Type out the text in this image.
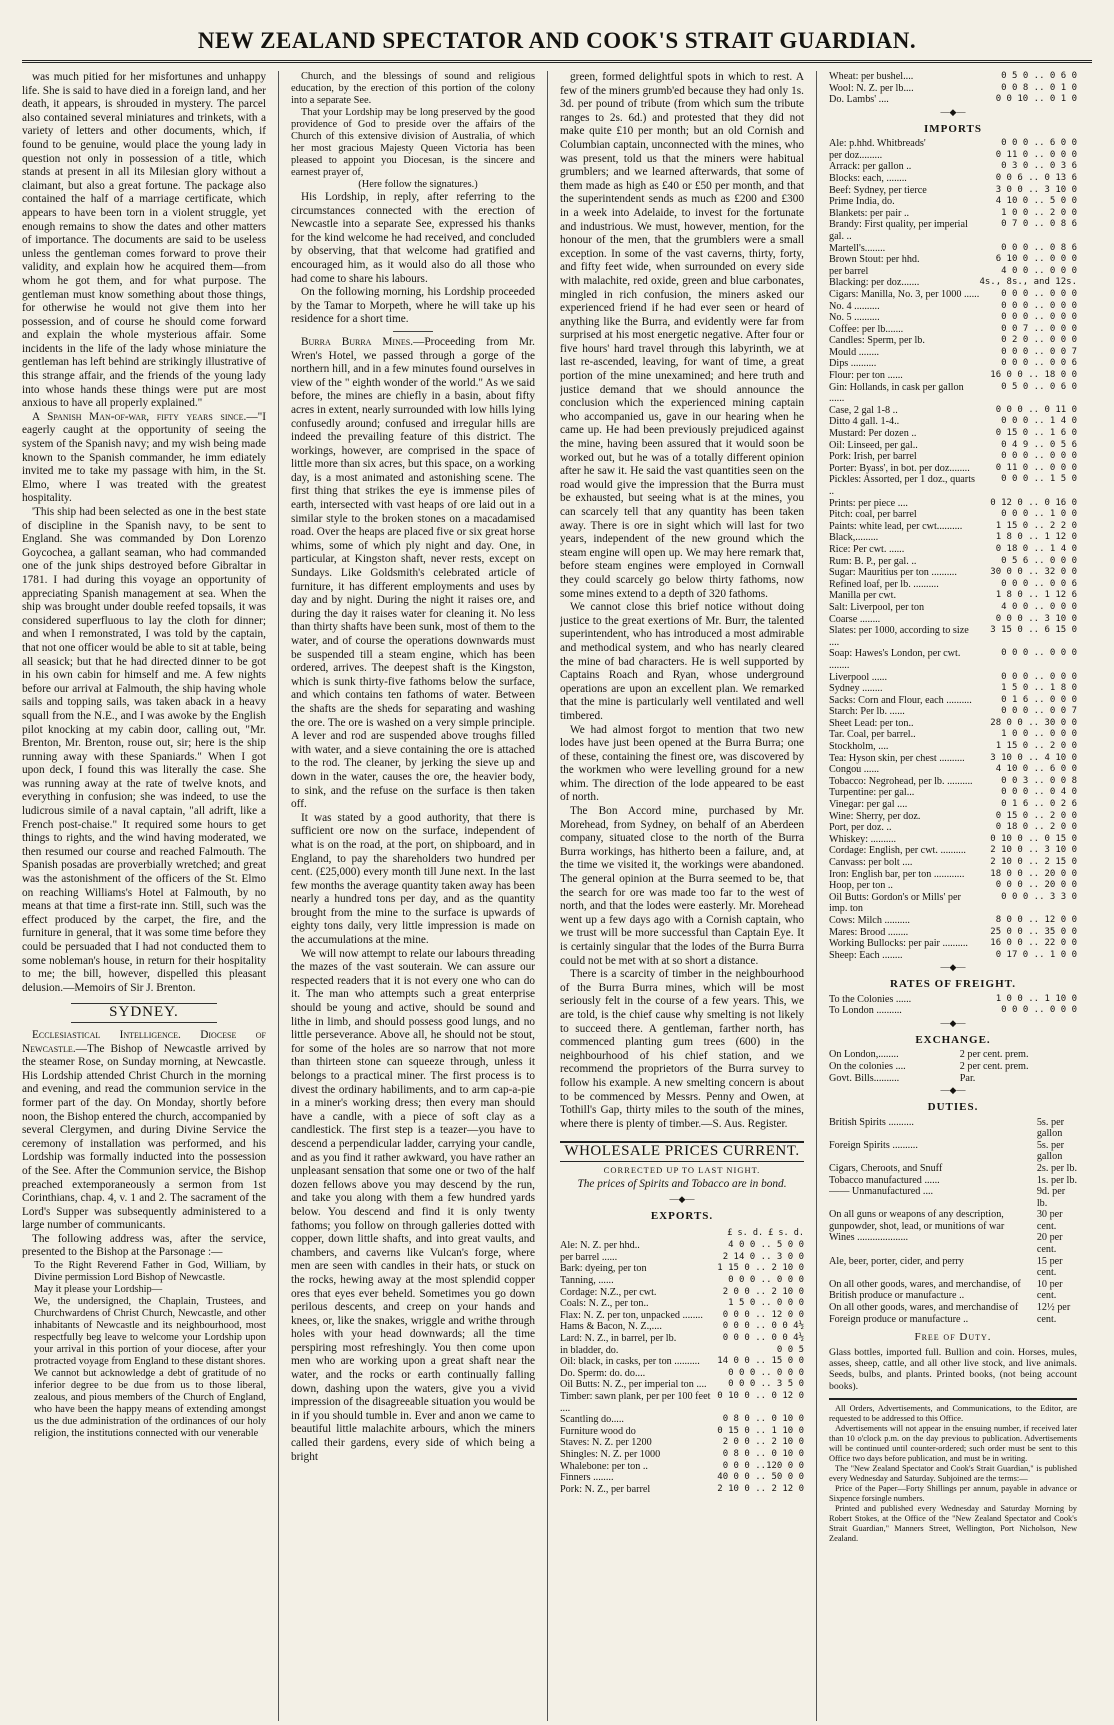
NEW ZEALAND SPECTATOR AND COOK'S STRAIT GUARDIAN.

was much pitied for her misfortunes and unhappy life. She is said to have died in a foreign land, and her death, it appears, is shrouded in mystery. The parcel also contained several miniatures and trinkets, with a variety of letters and other documents, which, if found to be genuine, would place the young lady in question not only in possession of a title, which stands at present in all its Milesian glory without a claimant, but also a great fortune. The package also contained the half of a marriage certificate, which appears to have been torn in a violent struggle, yet enough remains to show the dates and other matters of importance. The documents are said to be useless unless the gentleman comes forward to prove their validity, and explain how he acquired them—from whom he got them, and for what purpose. The gentleman must know something about those things, for otherwise he would not give them into her possession, and of course he should come forward and explain the whole mysterious affair. Some incidents in the life of the lady whose miniature the gentleman has left behind are strikingly illustrative of this strange affair, and the friends of the young lady into whose hands these things were put are most anxious to have all properly explained."

A Spanish Man-of-war, fifty years since.—"I eagerly caught at the opportunity of seeing the system of the Spanish navy; and my wish being made known to the Spanish commander, he imm ediately invited me to take my passage with him, in the St. Elmo, where I was treated with the greatest hospitality.

'This ship had been selected as one in the best state of discipline in the Spanish navy, to be sent to England. She was commanded by Don Lorenzo Goycochea, a gallant seaman, who had commanded one of the junk ships destroyed before Gibraltar in 1781. I had during this voyage an opportunity of appreciating Spanish management at sea. When the ship was brought under double reefed topsails, it was considered superfluous to lay the cloth for dinner; and when I remonstrated, I was told by the captain, that not one officer would be able to sit at table, being all seasick; but that he had directed dinner to be got in his own cabin for himself and me. A few nights before our arrival at Falmouth, the ship having whole sails and topping sails, was taken aback in a heavy squall from the N.E., and I was awoke by the English pilot knocking at my cabin door, calling out, "Mr. Brenton, Mr. Brenton, rouse out, sir; here is the ship running away with these Spaniards." When I got upon deck, I found this was literally the case. She was running away at the rate of twelve knots, and everything in confusion; she was indeed, to use the ludicrous simile of a naval captain, "all adrift, like a French post-chaise." It required some hours to get things to rights, and the wind having moderated, we then resumed our course and reached Falmouth. The Spanish posadas are proverbially wretched; and great was the astonishment of the officers of the St. Elmo on reaching Williams's Hotel at Falmouth, by no means at that time a first-rate inn. Still, such was the effect produced by the carpet, the fire, and the furniture in general, that it was some time before they could be persuaded that I had not conducted them to some nobleman's house, in return for their hospitality to me; the bill, however, dispelled this pleasant delusion.—Memoirs of Sir J. Brenton.

SYDNEY.

Ecclesiastical Intelligence. Diocese of Newcastle.—The Bishop of Newcastle arrived by the steamer Rose, on Sunday morning, at Newcastle. His Lordship attended Christ Church in the morning and evening, and read the communion service in the former part of the day. On Monday, shortly before noon, the Bishop entered the church, accompanied by several Clergymen, and during Divine Service the ceremony of installation was performed, and his Lordship was formally inducted into the possession of the See. After the Communion service, the Bishop preached extemporaneously a sermon from 1st Corinthians, chap. 4, v. 1 and 2. The sacrament of the Lord's Supper was subsequently administered to a large number of communicants.

The following address was, after the service, presented to the Bishop at the Parsonage :—

To the Right Reverend Father in God, William, by Divine permission Lord Bishop of Newcastle.

May it please your Lordship—

We, the undersigned, the Chaplain, Trustees, and Churchwardens of Christ Church, Newcastle, and other inhabitants of Newcastle and its neighbourhood, most respectfully beg leave to welcome your Lordship upon your arrival in this portion of your diocese, after your protracted voyage from England to these distant shores.

We cannot but acknowledge a debt of gratitude of no inferior degree to be due from us to those liberal, zealous, and pious members of the Church of England, who have been the happy means of extending amongst us the due administration of the ordinances of our holy religion, the institutions connected with our venerable

Church, and the blessings of sound and religious education, by the erection of this portion of the colony into a separate See.

That your Lordship may be long preserved by the good providence of God to preside over the affairs of the Church of this extensive division of Australia, of which her most gracious Majesty Queen Victoria has been pleased to appoint you Diocesan, is the sincere and earnest prayer of,

(Here follow the signatures.)

His Lordship, in reply, after referring to the circumstances connected with the erection of Newcastle into a separate See, expressed his thanks for the kind welcome he had received, and concluded by observing, that that welcome had gratified and encouraged him, as it would also do all those who had come to share his labours.

On the following morning, his Lordship proceeded by the Tamar to Morpeth, where he will take up his residence for a short time.

Burra Burra Mines.—Proceeding from Mr. Wren's Hotel, we passed through a gorge of the northern hill, and in a few minutes found ourselves in view of the " eighth wonder of the world." As we said before, the mines are chiefly in a basin, about fifty acres in extent, nearly surrounded with low hills lying confusedly around; confused and irregular hills are indeed the prevailing feature of this district. The workings, however, are comprised in the space of little more than six acres, but this space, on a working day, is a most animated and astonishing scene. The first thing that strikes the eye is immense piles of earth, intersected with vast heaps of ore laid out in a similar style to the broken stones on a macadamised road. Over the heaps are placed five or six great horse whims, some of which ply night and day. One, in particular, at Kingston shaft, never rests, except on Sundays. Like Goldsmith's celebrated article of furniture, it has different employments and uses by day and by night. During the night it raises ore, and during the day it raises water for cleaning it. No less than thirty shafts have been sunk, most of them to the water, and of course the operations downwards must be suspended till a steam engine, which has been ordered, arrives. The deepest shaft is the Kingston, which is sunk thirty-five fathoms below the surface, and which contains ten fathoms of water. Between the shafts are the sheds for separating and washing the ore. The ore is washed on a very simple principle. A lever and rod are suspended above troughs filled with water, and a sieve containing the ore is attached to the rod. The cleaner, by jerking the sieve up and down in the water, causes the ore, the heavier body, to sink, and the refuse on the surface is then taken off.

It was stated by a good authority, that there is sufficient ore now on the surface, independent of what is on the road, at the port, on shipboard, and in England, to pay the shareholders two hundred per cent. (£25,000) every month till June next. In the last few months the average quantity taken away has been nearly a hundred tons per day, and as the quantity brought from the mine to the surface is upwards of eighty tons daily, very little impression is made on the accumulations at the mine.

We will now attempt to relate our labours threading the mazes of the vast souterain. We can assure our respected readers that it is not every one who can do it. The man who attempts such a great enterprise should be young and active, should be sound and lithe in limb, and should possess good lungs, and no little perseverance. Above all, he should not be stout, for some of the holes are so narrow that not more than thirteen stone can squeeze through, unless it belongs to a practical miner. The first process is to divest the ordinary habiliments, and to arm cap-a-pie in a miner's working dress; then every man should have a candle, with a piece of soft clay as a candlestick. The first step is a teazer—you have to descend a perpendicular ladder, carrying your candle, and as you find it rather awkward, you have rather an unpleasant sensation that some one or two of the half dozen fellows above you may descend by the run, and take you along with them a few hundred yards below. You descend and find it is only twenty fathoms; you follow on through galleries dotted with copper, down little shafts, and into great vaults, and chambers, and caverns like Vulcan's forge, where men are seen with candles in their hats, or stuck on the rocks, hewing away at the most splendid copper ores that eyes ever beheld. Sometimes you go down perilous descents, and creep on your hands and knees, or, like the snakes, wriggle and writhe through holes with your head downwards; all the time perspiring most refreshingly. You then come upon men who are working upon a great shaft near the water, and the rocks or earth continually falling down, dashing upon the waters, give you a vivid impression of the disagreeable situation you would be in if you should tumble in. Ever and anon we came to beautiful little malachite arbours, which the miners called their gardens, every side of which being a bright

green, formed delightful spots in which to rest. A few of the miners grumb'ed because they had only 1s. 3d. per pound of tribute (from which sum the tribute ranges to 2s. 6d.) and protested that they did not make quite £10 per month; but an old Cornish and Columbian captain, unconnected with the mines, who was present, told us that the miners were habitual grumblers; and we learned afterwards, that some of them made as high as £40 or £50 per month, and that the superintendent sends as much as £200 and £300 in a week into Adelaide, to invest for the fortunate and industrious. We must, however, mention, for the honour of the men, that the grumblers were a small exception. In some of the vast caverns, thirty, forty, and fifty feet wide, when surrounded on every side with malachite, red oxide, green and blue carbonates, mingled in rich confusion, the miners asked our experienced friend if he had ever seen or heard of anything like the Burra, and evidently were far from surprised at his most energetic negative. After four or five hours' hard travel through this labyrinth, we at last re-ascended, leaving, for want of time, a great portion of the mine unexamined; and here truth and justice demand that we should announce the conclusion which the experienced mining captain who accompanied us, gave in our hearing when he came up. He had been previously prejudiced against the mine, having been assured that it would soon be worked out, but he was of a totally different opinion after he saw it. He said the vast quantities seen on the road would give the impression that the Burra must be exhausted, but seeing what is at the mines, you can scarcely tell that any quantity has been taken away. There is ore in sight which will last for two years, independent of the new ground which the steam engine will open up. We may here remark that, before steam engines were employed in Cornwall they could scarcely go below thirty fathoms, now some mines extend to a depth of 320 fathoms.

We cannot close this brief notice without doing justice to the great exertions of Mr. Burr, the talented superintendent, who has introduced a most admirable and methodical system, and who has nearly cleared the mine of bad characters. He is well supported by Captains Roach and Ryan, whose underground operations are upon an excellent plan. We remarked that the mine is particularly well ventilated and well timbered.

We had almost forgot to mention that two new lodes have just been opened at the Burra Burra; one of these, containing the finest ore, was discovered by the workmen who were levelling ground for a new whim. The direction of the lode appeared to be east of north.

The Bon Accord mine, purchased by Mr. Morehead, from Sydney, on behalf of an Aberdeen company, situated close to the north of the Burra Burra workings, has hitherto been a failure, and, at the time we visited it, the workings were abandoned. The general opinion at the Burra seemed to be, that the search for ore was made too far to the west of north, and that the lodes were easterly. Mr. Morehead went up a few days ago with a Cornish captain, who we trust will be more successful than Captain Eye. It is certainly singular that the lodes of the Burra Burra could not be met with at so short a distance.

There is a scarcity of timber in the neighbourhood of the Burra Burra mines, which will be most seriously felt in the course of a few years. This, we are told, is the chief cause why smelting is not likely to succeed there. A gentleman, farther north, has commenced planting gum trees (600) in the neighbourhood of his chief station, and we recommend the proprietors of the Burra survey to follow his example. A new smelting concern is about to be commenced by Messrs. Penny and Owen, at Tothill's Gap, thirty miles to the south of the mines, where there is plenty of timber.—S. Aus. Register.

WHOLESALE PRICES CURRENT.
CORRECTED UP TO LAST NIGHT.
The prices of Spirits and Tobacco are in bond.
—◆—
EXPORTS.
£ s. d. £ s. d.
Ale: N. Z. per hhd..	4 0 0 .. 5 0 0
per barrel ......	2 14 0 .. 3 0 0
Bark: dyeing, per ton	1 15 0 .. 2 10 0
Tanning, ......	0 0 0 .. 0 0 0
Cordage: N.Z., per cwt.	2 0 0 .. 2 10 0
Coals: N. Z., per ton..	1 5 0 .. 0 0 0
Flax: N. Z. per ton, unpacked ........	0 0 0 .. 12 0 0
Hams & Bacon, N. Z.,....	0 0 0 .. 0 0 4½
Lard: N. Z., in barrel, per lb.	0 0 0 .. 0 0 4½
in bladder, do.	0 0 5
Oil: black, in casks, per ton ..........	14 0 0 .. 15 0 0
Do. Sperm: do. do....	0 0 0 .. 0 0 0
Oil Butts: N. Z., per imperial ton ....	0 0 0 .. 3 5 0
Timber: sawn plank, per per 100 feet ....	0 10 0 .. 0 12 0
Scantling do.....	0 8 0 .. 0 10 0
Furniture wood do	0 15 0 .. 1 10 0
Staves: N. Z. per 1200	2 0 0 .. 2 10 0
Shingles: N. Z. per 1000	0 8 0 .. 0 10 0
Whalebone: per ton ..	0 0 0 ..120 0 0
Finners ........	40 0 0 .. 50 0 0
Pork: N. Z., per barrel	2 10 0 .. 2 12 0
Wheat: per bushel....	0 5 0 .. 0 6 0
Wool: N. Z. per lb....	0 0 8 .. 0 1 0
Do. Lambs' ....	0 0 10 .. 0 1 0
—◆—
IMPORTS
Ale: p.hhd. Whitbreads'	0 0 0 .. 6 0 0
per doz.........	0 11 0 .. 0 0 0
Arrack: per gallon ..	0 3 0 .. 0 3 6
Blocks: each, ........	0 0 6 .. 0 13 6
Beef: Sydney, per tierce	3 0 0 .. 3 10 0
Prime India, do.	4 10 0 .. 5 0 0
Blankets: per pair ..	1 0 0 .. 2 0 0
Brandy: First quality, per imperial gal. ..	0 7 0 .. 0 8 6
Martell's........	0 0 0 .. 0 8 6
Brown Stout: per hhd.	6 10 0 .. 0 0 0
per barrel	4 0 0 .. 0 0 0
Blacking: per doz.......	4s., 8s., and 12s.
Cigars: Manilla, No. 3, per 1000 ......	0 0 0 .. 0 0 0
No. 4 ..........	0 0 0 .. 0 0 0
No. 5 ..........	0 0 0 .. 0 0 0
Coffee: per lb.......	0 0 7 .. 0 0 0
Candles: Sperm, per lb.	0 2 0 .. 0 0 0
Mould ........	0 0 0 .. 0 0 7
Dips ..........	0 0 0 .. 0 0 6
Flour: per ton ......	16 0 0 .. 18 0 0
Gin: Hollands, in cask per gallon ......	0 5 0 .. 0 6 0
Case, 2 gal 1-8 ..	0 0 0 .. 0 11 0
Ditto 4 gall. 1-4..	0 0 0 .. 1 4 0
Mustard: Per dozen ..	0 15 0 .. 1 6 0
Oil: Linseed, per gal..	0 4 9 .. 0 5 6
Pork: Irish, per barrel	0 0 0 .. 0 0 0
Porter: Byass', in bot. per doz........	0 11 0 .. 0 0 0
Pickles: Assorted, per 1 doz., quarts ..	0 0 0 .. 1 5 0
Prints: per piece ....	0 12 0 .. 0 16 0
Pitch: coal, per barrel	0 0 0 .. 1 0 0
Paints: white lead, per cwt..........	1 15 0 .. 2 2 0
Black,.........	1 8 0 .. 1 12 0
Rice: Per cwt. ......	0 18 0 .. 1 4 0
Rum: B. P., per gal. ..	0 5 6 .. 0 0 0
Sugar: Mauritius per ton ..........	30 0 0 .. 32 0 0
Refined loaf, per lb. ..........	0 0 0 .. 0 0 6
Manilla per cwt.	1 8 0 .. 1 12 6
Salt: Liverpool, per ton	4 0 0 .. 0 0 0
Coarse ........	0 0 0 .. 3 10 0
Slates: per 1000, according to size ....	3 15 0 .. 6 15 0
Soap: Hawes's London, per cwt. ........	0 0 0 .. 0 0 0
Liverpool ......	0 0 0 .. 0 0 0
Sydney ........	1 5 0 .. 1 8 0
Sacks: Corn and Flour, each ..........	0 1 6 .. 0 0 0
Starch: Per lb. ......	0 0 0 .. 0 0 7
Sheet Lead: per ton..	28 0 0 .. 30 0 0
Tar. Coal, per barrel..	1 0 0 .. 0 0 0
Stockholm, ....	1 15 0 .. 2 0 0
Tea: Hyson skin, per chest ..........	3 10 0 .. 4 10 0
Congou ......	4 10 0 .. 6 0 0
Tobacco: Negrohead, per lb. ..........	0 0 3 .. 0 0 8
Turpentine: per gal...	0 0 0 .. 0 4 0
Vinegar: per gal ....	0 1 6 .. 0 2 6
Wine: Sherry, per doz.	0 15 0 .. 2 0 0
Port, per doz. ..	0 18 0 .. 2 0 0
Whiskey: ..........	0 10 0 .. 0 15 0
Cordage: English, per cwt. ..........	2 10 0 .. 3 10 0
Canvass: per bolt ....	2 10 0 .. 2 15 0
Iron: English bar, per ton ............	18 0 0 .. 20 0 0
Hoop, per ton ..	0 0 0 .. 20 0 0
Oil Butts: Gordon's or Mills' per imp. ton	0 0 0 .. 3 3 0
Cows: Milch ..........	8 0 0 .. 12 0 0
Mares: Brood ........	25 0 0 .. 35 0 0
Working Bullocks: per pair ..........	16 0 0 .. 22 0 0
Sheep: Each ........	0 17 0 .. 1 0 0
—◆—
RATES OF FREIGHT.
To the Colonies ......	1 0 0 .. 1 10 0
To London ..........	0 0 0 .. 0 0 0
—◆—
EXCHANGE.
On London,........	2 per cent. prem.
On the colonies ....	2 per cent. prem.
Govt. Bills..........	Par.
—◆—
DUTIES.
British Spirits ..........	5s. per gallon
Foreign Spirits ..........	5s. per gallon
Cigars, Cheroots, and Snuff	2s. per lb.
Tobacco manufactured ......	1s. per lb.
—— Unmanufactured ....	9d. per lb.
On all guns or weapons of any description, gunpowder, shot, lead, or munitions of war	30 per cent.
Wines ....................	20 per cent.
Ale, beer, porter, cider, and perry	15 per cent.
On all other goods, wares, and merchandise, of British produce or manufacture ..	10 per cent.
On all other goods, wares, and merchandise of Foreign produce or manufacture ..	12½ per cent.
Free of Duty.
Glass bottles, imported full. Bullion and coin. Horses, mules, asses, sheep, cattle, and all other live stock, and live animals. Seeds, bulbs, and plants. Printed books, (not being account books).

All Orders, Advertisements, and Communications, to the Editor, are requested to be addressed to this Office.

Advertisements will not appear in the ensuing number, if received later than 10 o'clock p.m. on the day previous to publication. Advertisements will be continued until counter-ordered; such order must be sent to this Office two days before publication, and must be in writing.

The "New Zealand Spectator and Cook's Strait Guardian," is published every Wednesday and Saturday. Subjoined are the terms:—

Price of the Paper—Forty Shillings per annum, payable in advance or Sixpence forsingle numbers.

Printed and published every Wednesday and Saturday Morning by Robert Stokes, at the Office of the "New Zealand Spectator and Cook's Strait Guardian," Manners Street, Wellington, Port Nicholson, New Zealand.
